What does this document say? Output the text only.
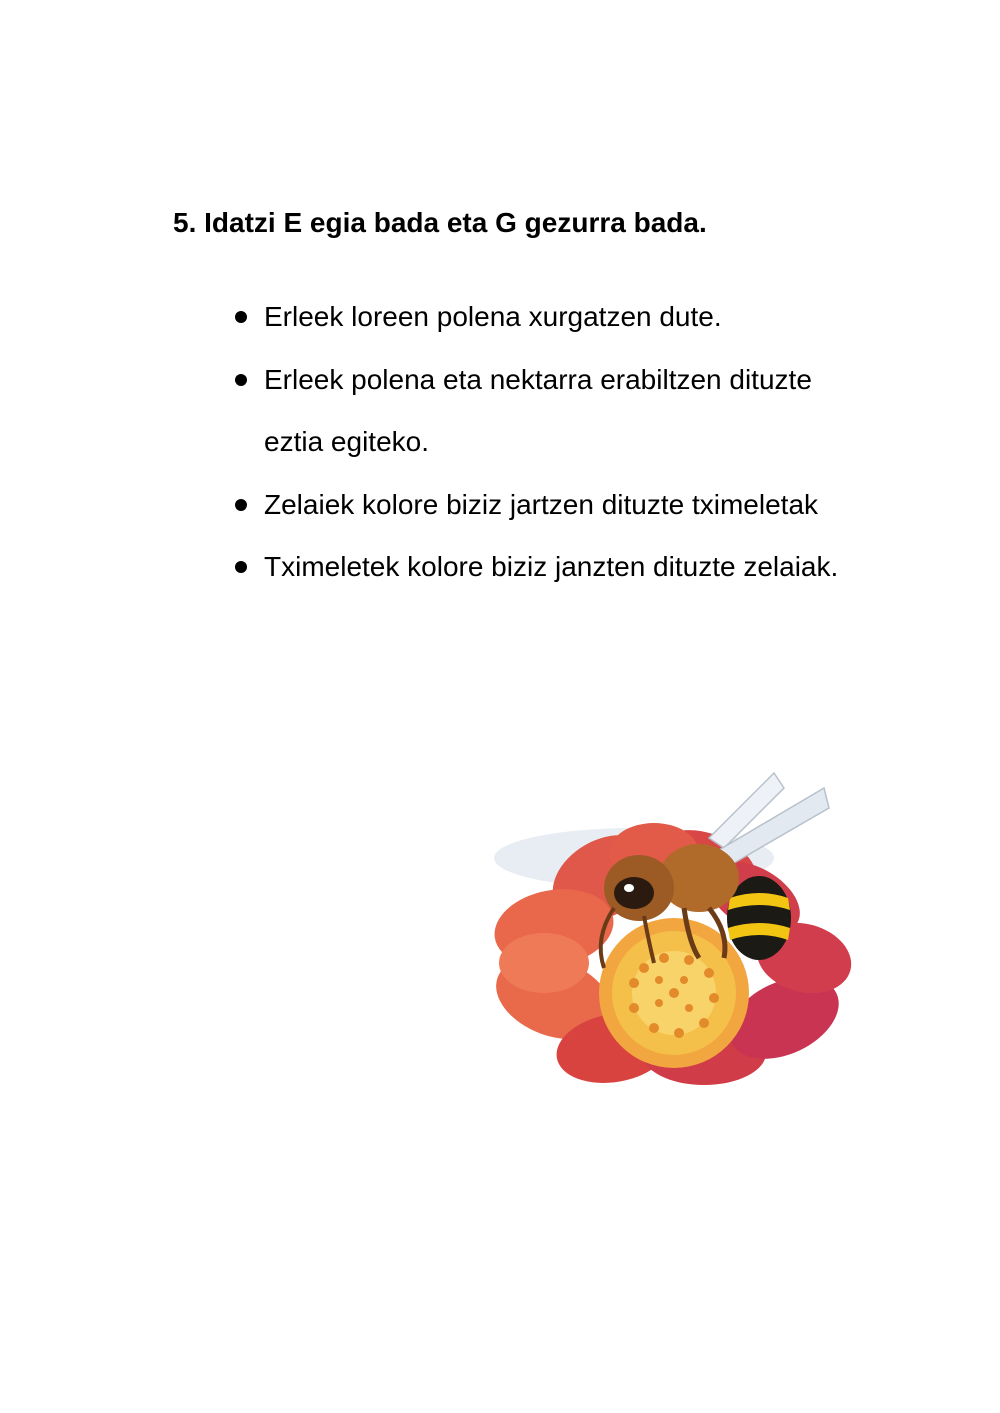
5. Idatzi E egia bada eta G gezurra bada.
Erleek loreen polena xurgatzen dute.
Erleek polena eta nektarra erabiltzen dituzte eztia egiteko.
Zelaiek kolore biziz jartzen dituzte tximeletak
Tximeletek kolore biziz janzten dituzte zelaiak.
